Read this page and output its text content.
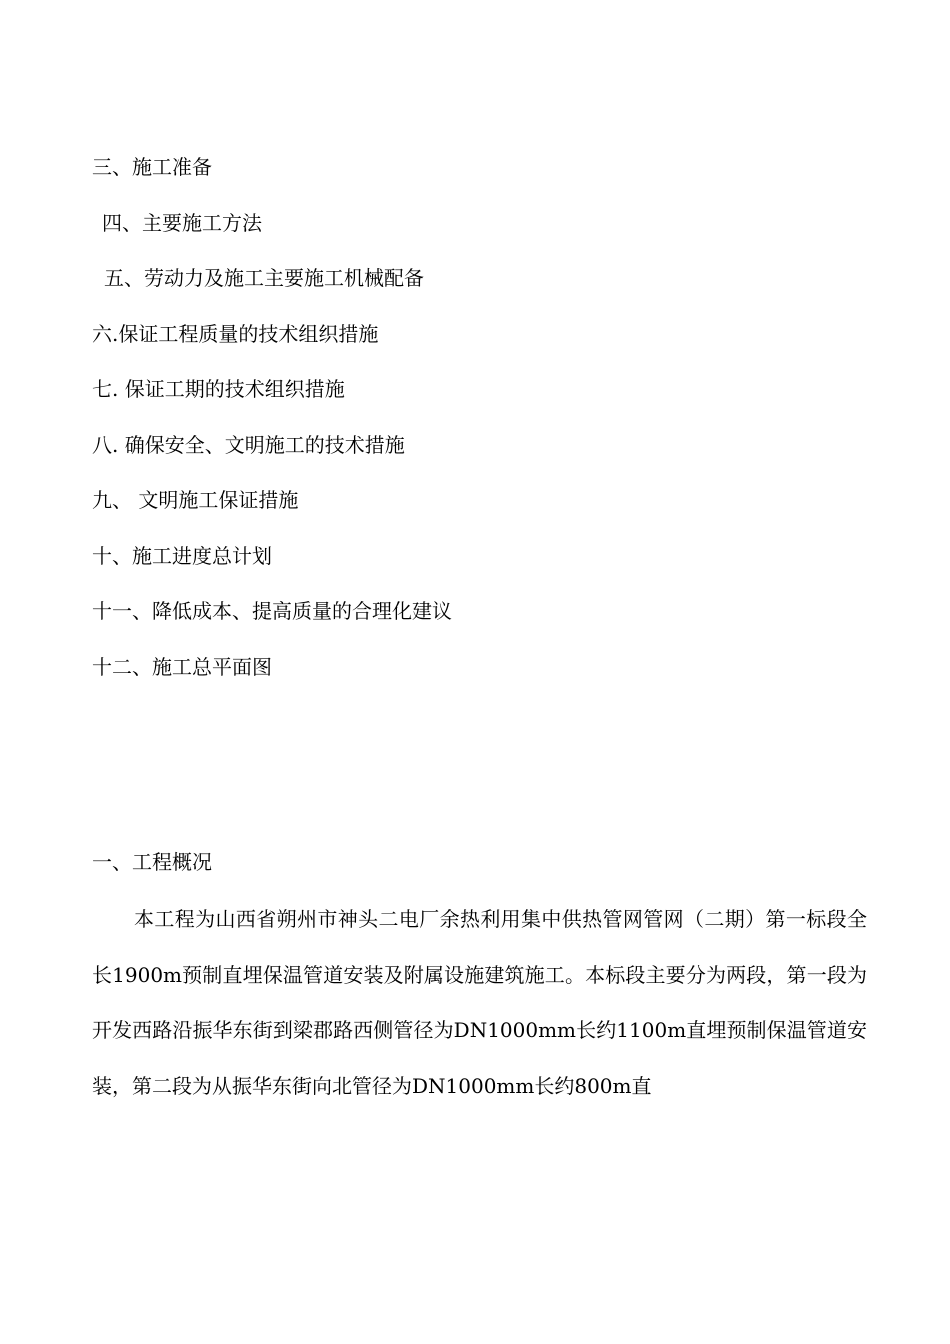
三、施工准备
四、主要施工方法
五、劳动力及施工主要施工机械配备
六.保证工程质量的技术组织措施
七. 保证工期的技术组织措施
八. 确保安全、文明施工的技术措施
九、 文明施工保证措施
十、施工进度总计划
十一、降低成本、提高质量的合理化建议
十二、施工总平面图
一、工程概况

本工程为山西省朔州市神头二电厂余热利用集中供热管网管网（二期）第一标段全长1900m预制直埋保温管道安装及附属设施建筑施工。本标段主要分为两段，第一段为开发西路沿振华东街到梁郡路西侧管径为DN1000mm长约1100m直埋预制保温管道安装，第二段为从振华东街向北管径为DN1000mm长约800m直
